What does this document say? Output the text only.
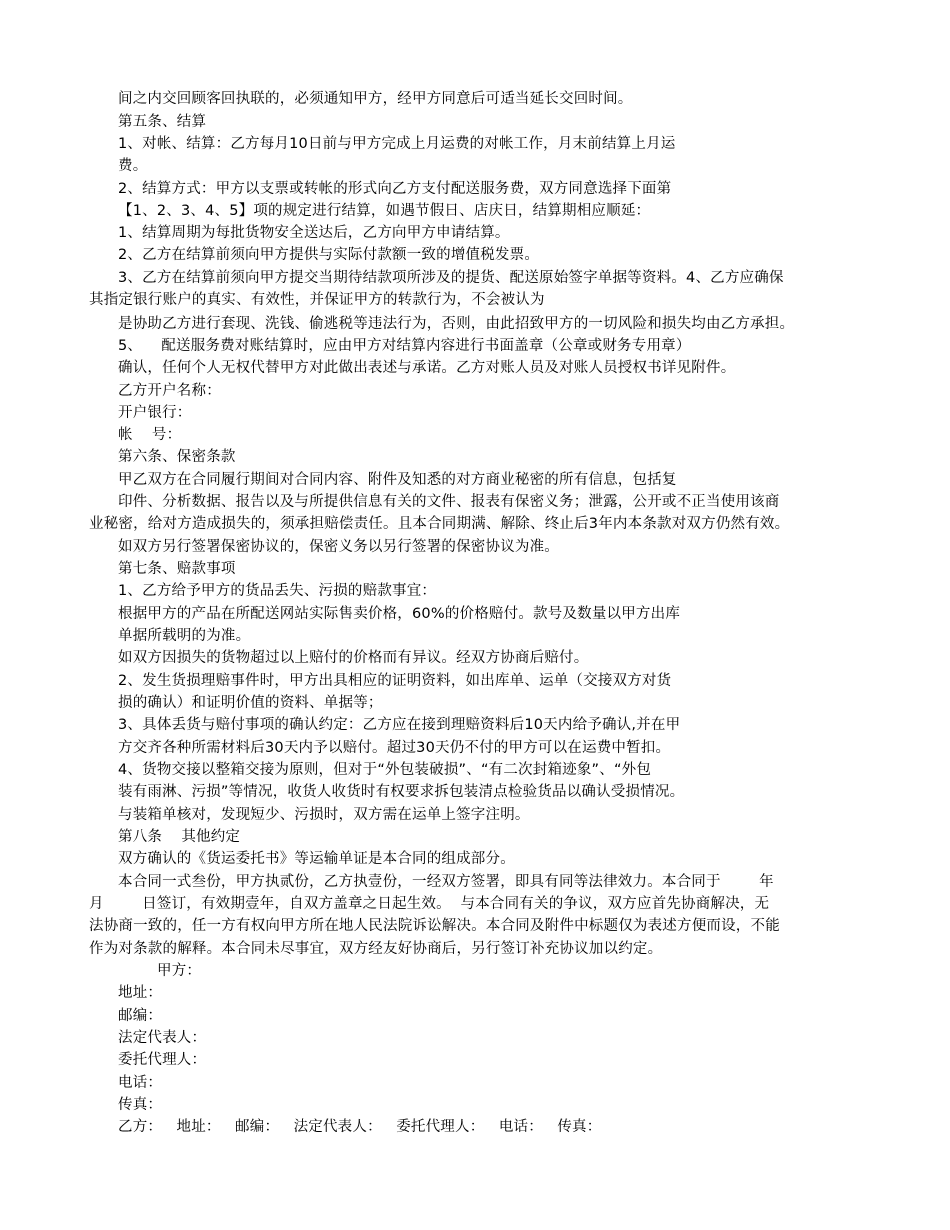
间之内交回顾客回执联的，必须通知甲方，经甲方同意后可适当延长交回时间。
第五条、结算
1、对帐、结算：乙方每月10日前与甲方完成上月运费的对帐工作，月末前结算上月运
费。
2、结算方式：甲方以支票或转帐的形式向乙方支付配送服务费，双方同意选择下面第
【1、2、3、4、5】项的规定进行结算，如遇节假日、店庆日，结算期相应顺延：
1、结算周期为每批货物安全送达后，乙方向甲方申请结算。
2、乙方在结算前须向甲方提供与实际付款额一致的增值税发票。
3、乙方在结算前须向甲方提交当期待结款项所涉及的提货、配送原始签字单据等资料。4、乙方应确保
其指定银行账户的真实、有效性，并保证甲方的转款行为，不会被认为
是协助乙方进行套现、洗钱、偷逃税等违法行为，否则，由此招致甲方的一切风险和损失均由乙方承担。
5、    配送服务费对账结算时，应由甲方对结算内容进行书面盖章（公章或财务专用章）
确认，任何个人无权代替甲方对此做出表述与承诺。乙方对账人员及对账人员授权书详见附件。
乙方开户名称：
开户银行：
帐    号：
第六条、保密条款
甲乙双方在合同履行期间对合同内容、附件及知悉的对方商业秘密的所有信息，包括复
印件、分析数据、报告以及与所提供信息有关的文件、报表有保密义务；泄露，公开或不正当使用该商
业秘密，给对方造成损失的，须承担赔偿责任。且本合同期满、解除、终止后3年内本条款对双方仍然有效。
如双方另行签署保密协议的，保密义务以另行签署的保密协议为准。
第七条、赔款事项
1、乙方给予甲方的货品丢失、污损的赔款事宜：
根据甲方的产品在所配送网站实际售卖价格，60%的价格赔付。款号及数量以甲方出库
单据所载明的为准。
如双方因损失的货物超过以上赔付的价格而有异议。经双方协商后赔付。
2、发生货损理赔事件时，甲方出具相应的证明资料，如出库单、运单（交接双方对货
损的确认）和证明价值的资料、单据等；
3、具体丢货与赔付事项的确认约定：乙方应在接到理赔资料后10天内给予确认,并在甲
方交齐各种所需材料后30天内予以赔付。超过30天仍不付的甲方可以在运费中暂扣。
4、货物交接以整箱交接为原则，但对于“外包装破损”、“有二次封箱迹象”、“外包
装有雨淋、污损”等情况，收货人收货时有权要求拆包装清点检验货品以确认受损情况。
与装箱单核对，发现短少、污损时，双方需在运单上签字注明。
第八条    其他约定
双方确认的《货运委托书》等运输单证是本合同的组成部分。
本合同一式叁份，甲方执贰份，乙方执壹份，一经双方签署，即具有同等法律效力。本合同于        年
月        日签订，有效期壹年，自双方盖章之日起生效。  与本合同有关的争议，双方应首先协商解决，无
法协商一致的，任一方有权向甲方所在地人民法院诉讼解决。本合同及附件中标题仅为表述方便而设，不能
作为对条款的解释。本合同未尽事宜，双方经友好协商后，另行签订补充协议加以约定。
甲方：
地址：
邮编：
法定代表人：
委托代理人：
电话：
传真：
乙方：   地址：   邮编：   法定代表人：   委托代理人：   电话：   传真：
